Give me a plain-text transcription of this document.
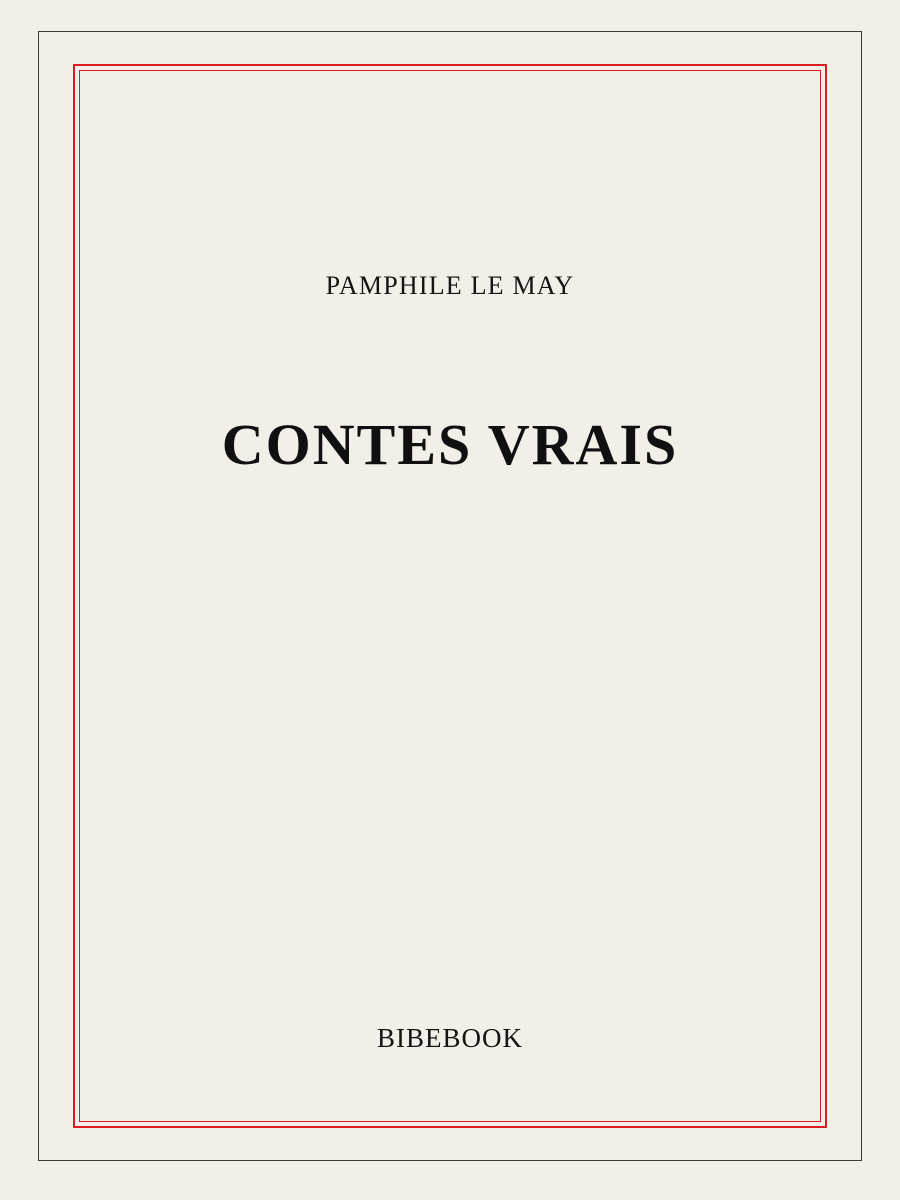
PAMPHILE LE MAY
CONTES VRAIS
BIBEBOOK
